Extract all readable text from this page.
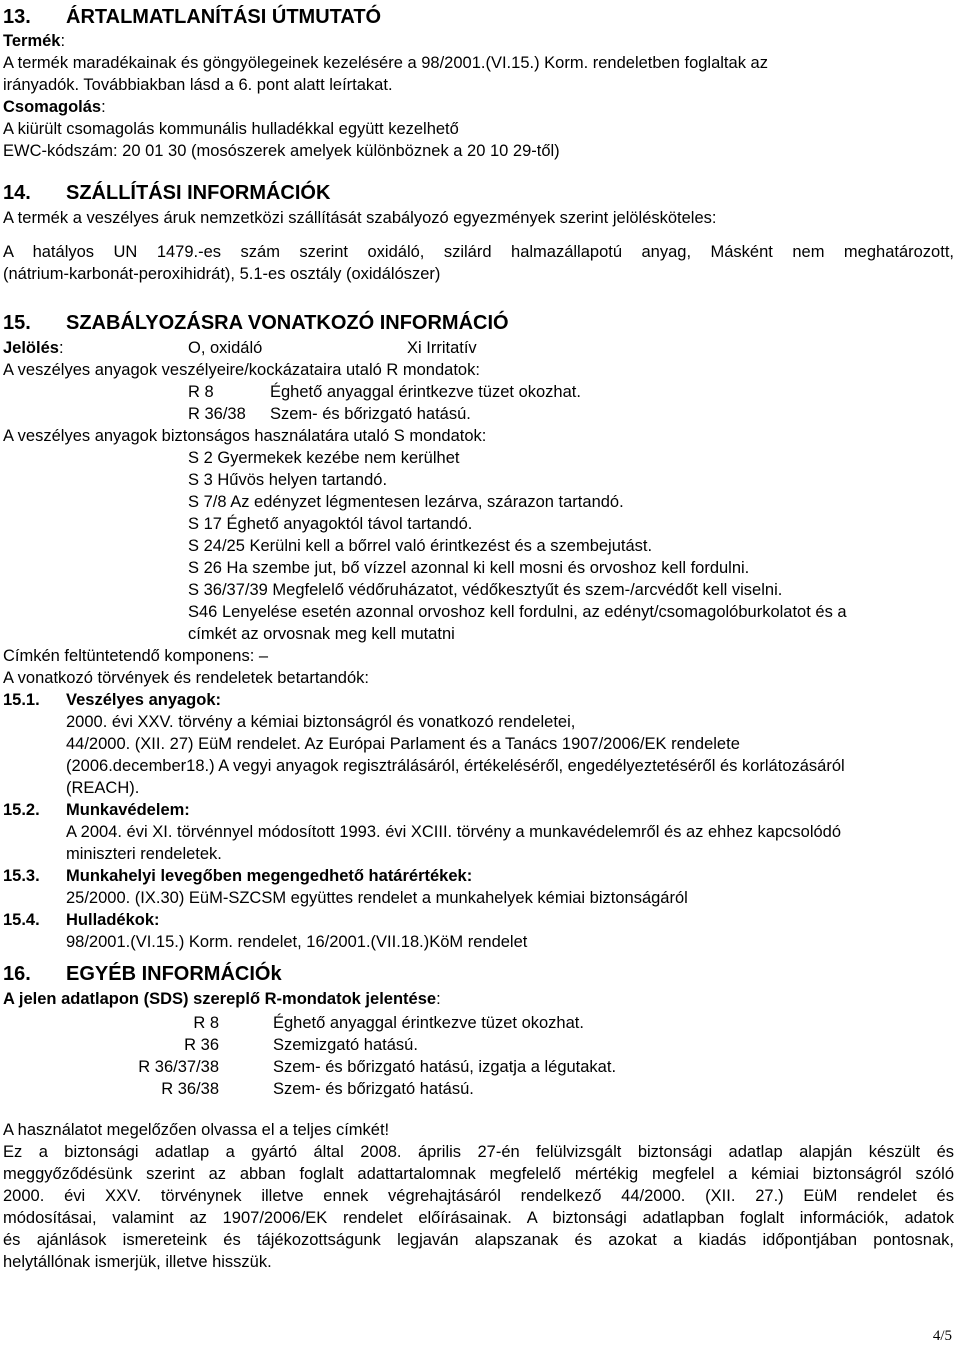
13. ÁRTALMATLANÍTÁSI ÚTMUTATÓ
Termék:
A termék maradékainak és göngyölegeinek kezelésére a 98/2001.(VI.15.) Korm. rendeletben foglaltak az
irányadók. Továbbiakban lásd a 6. pont alatt leírtakat.
Csomagolás:
A kiürült csomagolás kommunális hulladékkal együtt kezelhető
EWC-kódszám: 20 01 30 (mosószerek amelyek különböznek a 20 10 29-től)
14. SZÁLLÍTÁSI INFORMÁCIÓK
A termék a veszélyes áruk nemzetközi szállítását szabályozó egyezmények szerint jelölésköteles:
A hatályos UN 1479.-es szám szerint oxidáló, szilárd halmazállapotú anyag, Másként nem meghatározott,
(nátrium-karbonát-peroxihidrát), 5.1-es osztály (oxidálószer)
15. SZABÁLYOZÁSRA VONATKOZÓ INFORMÁCIÓ
Jelölés:	O, oxidáló	Xi Irritatív
A veszélyes anyagok veszélyeire/kockázataira utaló R mondatok:
R 8	Éghető anyaggal érintkezve tüzet okozhat.
R 36/38 Szem- és bőrizgató hatású.
A veszélyes anyagok biztonságos használatára utaló S mondatok:
S 2 Gyermekek kezébe nem kerülhet
S 3 Hűvös helyen tartandó.
S 7/8 Az edényzet légmentesen lezárva, szárazon tartandó.
S 17 Éghető anyagoktól távol tartandó.
S 24/25 Kerülni kell a bőrrel való érintkezést és a szembejutást.
S 26 Ha szembe jut, bő vízzel azonnal ki kell mosni és orvoshoz kell fordulni.
S 36/37/39 Megfelelő védőruházatot, védőkesztyűt és szem-/arcvédőt kell viselni.
S46 Lenyelése esetén azonnal orvoshoz kell fordulni, az edényt/csomagolóburkolatot és a
címkét az orvosnak meg kell mutatni
Címkén feltüntetendő komponens: –
A vonatkozó törvények és rendeletek betartandók:
15.1. Veszélyes anyagok:
2000. évi XXV. törvény a kémiai biztonságról és vonatkozó rendeletei,
44/2000. (XII. 27) EüM rendelet. Az Európai Parlament és a Tanács 1907/2006/EK rendelete
(2006.december18.) A vegyi anyagok regisztrálásáról, értékeléséről, engedélyeztetéséről és korlátozásáról
(REACH).
15.2. Munkavédelem:
A 2004. évi XI. törvénnyel módosított 1993. évi XCIII. törvény a munkavédelemről és az ehhez kapcsolódó
miniszteri rendeletek.
15.3. Munkahelyi levegőben megengedhető határértékek:
25/2000. (IX.30) EüM-SZCSM együttes rendelet a munkahelyek kémiai biztonságáról
15.4. Hulladékok:
98/2001.(VI.15.) Korm. rendelet, 16/2001.(VII.18.)KöM rendelet
16. EGYÉB INFORMÁCIÓk
A jelen adatlapon (SDS) szereplő R-mondatok jelentése:
R 8	Éghető anyaggal érintkezve tüzet okozhat.
R 36	Szemizgató hatású.
R 36/37/38	Szem- és bőrizgató hatású, izgatja a légutakat.
R 36/38	Szem- és bőrizgató hatású.
A használatot megelőzően olvassa el a teljes címkét!
Ez a biztonsági adatlap a gyártó által 2008. április 27-én felülvizsgált biztonsági adatlap alapján készült és
meggyőződésünk szerint az abban foglalt adattartalomnak megfelelő mértékig megfelel a kémiai biztonságról szóló
2000. évi XXV. törvénynek illetve ennek végrehajtásáról rendelkező 44/2000. (XII. 27.) EüM rendelet és
módosításai, valamint az 1907/2006/EK rendelet előírásainak. A biztonsági adatlapban foglalt információk, adatok
és ajánlások ismereteink és tájékozottságunk legjaván alapszanak és azokat a kiadás időpontjában pontosnak,
helytállónak ismerjük, illetve hisszük.
4/5
